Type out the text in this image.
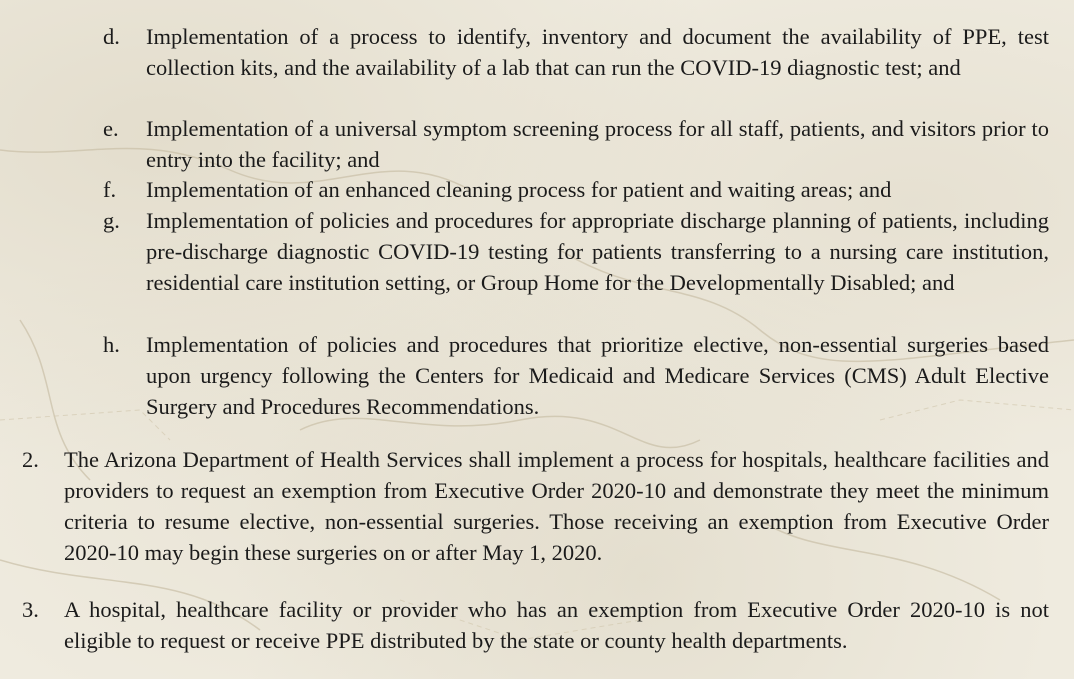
d.	Implementation of a process to identify, inventory and document the availability of PPE, test collection kits, and the availability of a lab that can run the COVID-19 diagnostic test; and
e.	Implementation of a universal symptom screening process for all staff, patients, and visitors prior to entry into the facility; and
f.	Implementation of an enhanced cleaning process for patient and waiting areas; and
g.	Implementation of policies and procedures for appropriate discharge planning of patients, including pre-discharge diagnostic COVID-19 testing for patients transferring to a nursing care institution, residential care institution setting, or Group Home for the Developmentally Disabled; and
h.	Implementation of policies and procedures that prioritize elective, non-essential surgeries based upon urgency following the Centers for Medicaid and Medicare Services (CMS) Adult Elective Surgery and Procedures Recommendations.
2.	The Arizona Department of Health Services shall implement a process for hospitals, healthcare facilities and providers to request an exemption from Executive Order 2020-10 and demonstrate they meet the minimum criteria to resume elective, non-essential surgeries. Those receiving an exemption from Executive Order 2020-10 may begin these surgeries on or after May 1, 2020.
3.	A hospital, healthcare facility or provider who has an exemption from Executive Order 2020-10 is not eligible to request or receive PPE distributed by the state or county health departments.
